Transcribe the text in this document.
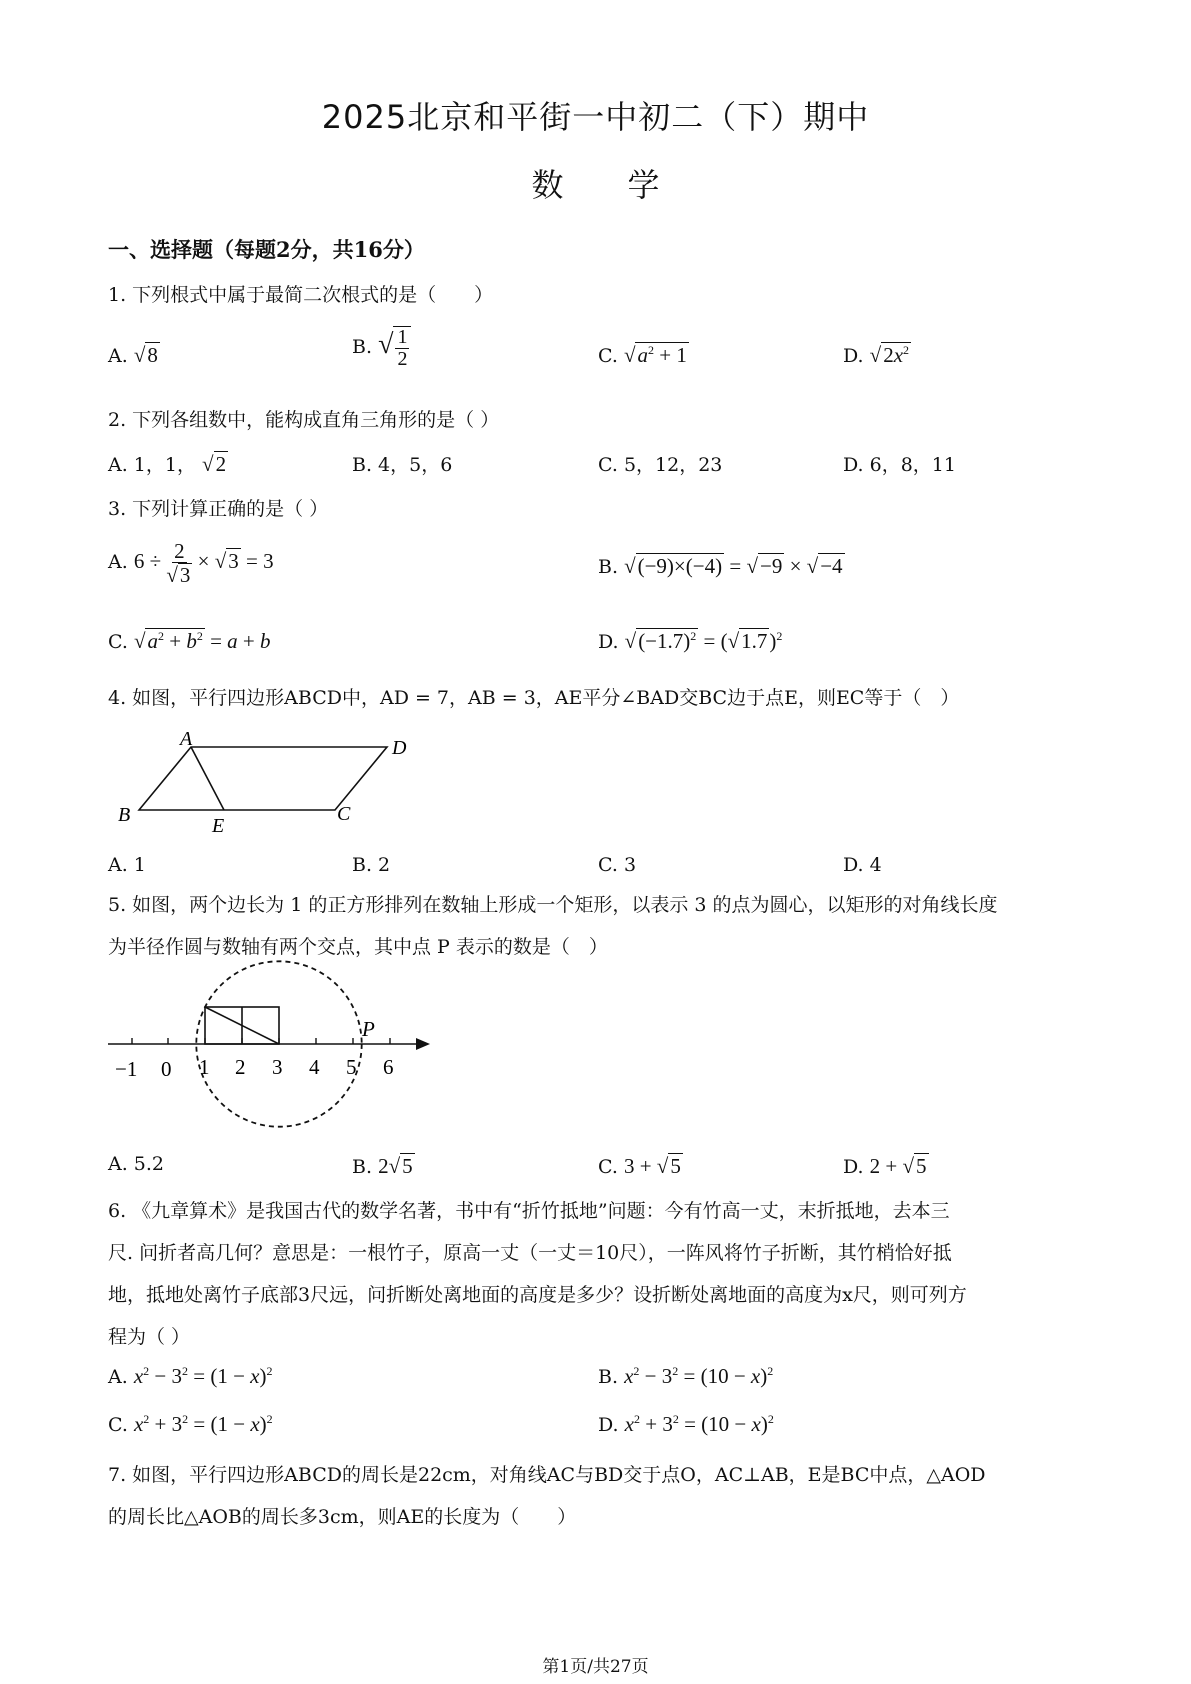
2025北京和平街一中初二（下）期中
数　　学
一、选择题（每题2分，共16分）
1. 下列根式中属于最简二次根式的是（　　）
A. √8	B. √ $\frac{1}{2}$	C. $√a^2 + 1$	D. $√2x^2$
2. 下列各组数中，能构成直角三角形的是（ ）
A. 1，1， √2	B. 4，5，6	C. 5，12，23	D. 6，8，11
3. 下列计算正确的是（ ）
A. $6 \div \frac{2}{√3} \times √3 = 3$	B. √(−9)×(−4) = √−9 × √−4
C. $√a^2 + b^2 = a + b$	D. $√(-1.7)^2 = (√1.7)^2$
4. 如图，平行四边形ABCD中，AD = 7，AB = 3，AE平分∠BAD交BC边于点E，则EC等于（　）
A	D
B	E
C
A. 1	B. 2	C. 3	D. 4
5. 如图，两个边长为 1 的正方形排列在数轴上形成一个矩形，以表示 3 的点为圆心，以矩形的对角线长度
为半径作圆与数轴有两个交点，其中点 P 表示的数是（　）
−1 0 1 2 3 4 5 6
P
A. 5.2	B. 2√5	C. 3 + √5	D. 2 + √5
6. 《九章算术》是我国古代的数学名著，书中有“折竹抵地”问题：今有竹高一丈，末折抵地，去本三
尺. 问折者高几何？意思是：一根竹子，原高一丈（一丈＝10尺），一阵风将竹子折断，其竹梢恰好抵
地，抵地处离竹子底部3尺远，问折断处离地面的高度是多少？设折断处离地面的高度为x尺，则可列方
程为（ ）
A. $x^2 - 3^2 = (1 - x)^2$	B. $x^2 - 3^2 = (10 - x)^2$
C. $x^2 + 3^2 = (1 - x)^2$	D. $x^2 + 3^2 = (10 - x)^2$
7. 如图，平行四边形ABCD的周长是22cm，对角线AC与BD交于点O，AC⊥AB，E是BC中点，△AOD
的周长比△AOB的周长多3cm，则AE的长度为（　　）
第1页/共27页
